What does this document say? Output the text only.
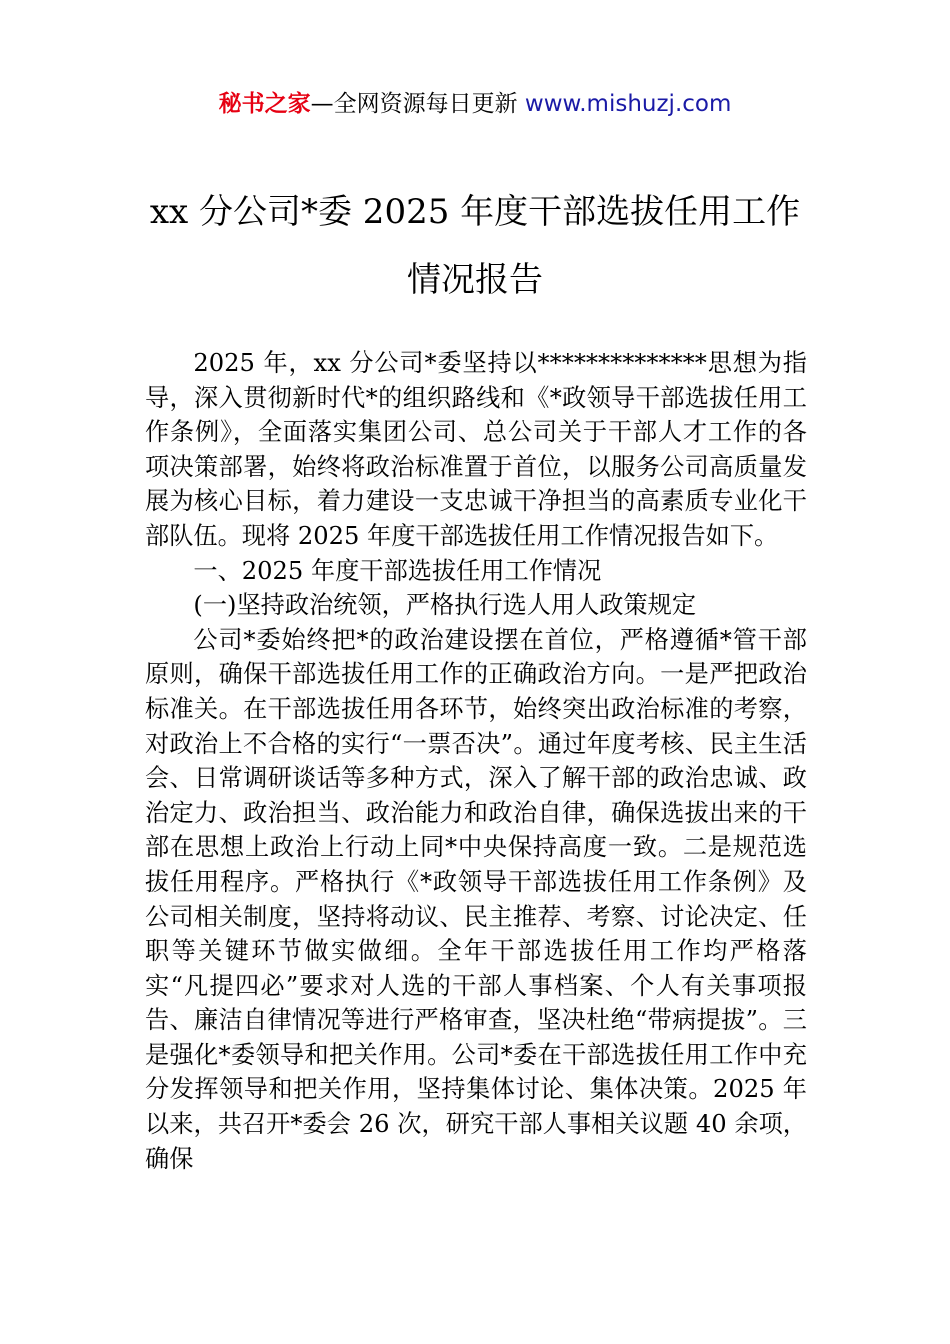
秘书之家—全网资源每日更新 www.mishuzj.com
xx 分公司*委 2025 年度干部选拔任用工作
情况报告

2025 年，xx 分公司*委坚持以**************思想为指导，深入贯彻新时代*的组织路线和《*政领导干部选拔任用工作条例》，全面落实集团公司、总公司关于干部人才工作的各项决策部署，始终将政治标准置于首位，以服务公司高质量发展为核心目标，着力建设一支忠诚干净担当的高素质专业化干部队伍。现将 2025 年度干部选拔任用工作情况报告如下。

一、2025 年度干部选拔任用工作情况

(一)坚持政治统领，严格执行选人用人政策规定

公司*委始终把*的政治建设摆在首位，严格遵循*管干部原则，确保干部选拔任用工作的正确政治方向。一是严把政治标准关。在干部选拔任用各环节，始终突出政治标准的考察，对政治上不合格的实行“一票否决”。通过年度考核、民主生活会、日常调研谈话等多种方式，深入了解干部的政治忠诚、政治定力、政治担当、政治能力和政治自律，确保选拔出来的干部在思想上政治上行动上同*中央保持高度一致。二是规范选拔任用程序。严格执行《*政领导干部选拔任用工作条例》及公司相关制度，坚持将动议、民主推荐、考察、讨论决定、任职等关键环节做实做细。全年干部选拔任用工作均严格落实“凡提四必”要求对人选的干部人事档案、个人有关事项报告、廉洁自律情况等进行严格审查，坚决杜绝“带病提拔”。三是强化*委领导和把关作用。公司*委在干部选拔任用工作中充分发挥领导和把关作用，坚持集体讨论、集体决策。2025 年以来，共召开*委会 26 次，研究干部人事相关议题 40 余项，确保
